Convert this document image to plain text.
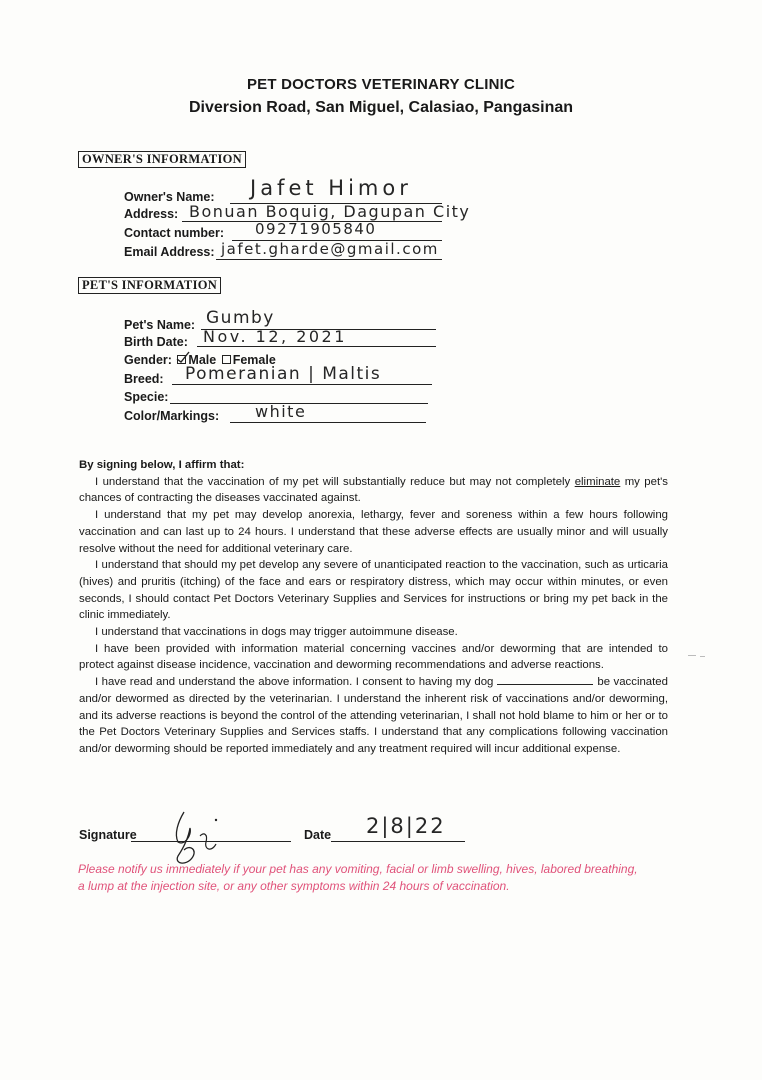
PET DOCTORS VETERINARY CLINIC
Diversion Road, San Miguel, Calasiao, Pangasinan
OWNER'S INFORMATION
Owner's Name: Jafet Himor
Address: Bonuan Boquig, Dagupan City
Contact number: 09271905840
Email Address: jafet.gharde@gmail.com
PET'S INFORMATION
Pet's Name: Gumby
Birth Date: Nov. 12, 2021
Gender: Male Female
Breed: Pomeranian | Maltis
Specie:
Color/Markings: white

By signing below, I affirm that:

I understand that the vaccination of my pet will substantially reduce but may not completely eliminate my pet's chances of contracting the diseases vaccinated against.

I understand that my pet may develop anorexia, lethargy, fever and soreness within a few hours following vaccination and can last up to 24 hours. I understand that these adverse effects are usually minor and will usually resolve without the need for additional veterinary care.

I understand that should my pet develop any severe of unanticipated reaction to the vaccination, such as urticaria (hives) and pruritis (itching) of the face and ears or respiratory distress, which may occur within minutes, or even seconds, I should contact Pet Doctors Veterinary Supplies and Services for instructions or bring my pet back in the clinic immediately.

I understand that vaccinations in dogs may trigger autoimmune disease.

I have been provided with information material concerning vaccines and/or deworming that are intended to protect against disease incidence, vaccination and deworming recommendations and adverse reactions.

I have read and understand the above information. I consent to having my dog	be vaccinated and/or dewormed as directed by the veterinarian. I understand the inherent risk of vaccinations and/or deworming, and its adverse reactions is beyond the control of the attending veterinarian, I shall not hold blame to him or her or to the Pet Doctors Veterinary Supplies and Services staffs. I understand that any complications following vaccination and/or deworming should be reported immediately and any treatment required will incur additional expense.

Signature	Date 2|8|22
Please notify us immediately if your pet has any vomiting, facial or limb swelling, hives, labored breathing, a lump at the injection site, or any other symptoms within 24 hours of vaccination.
